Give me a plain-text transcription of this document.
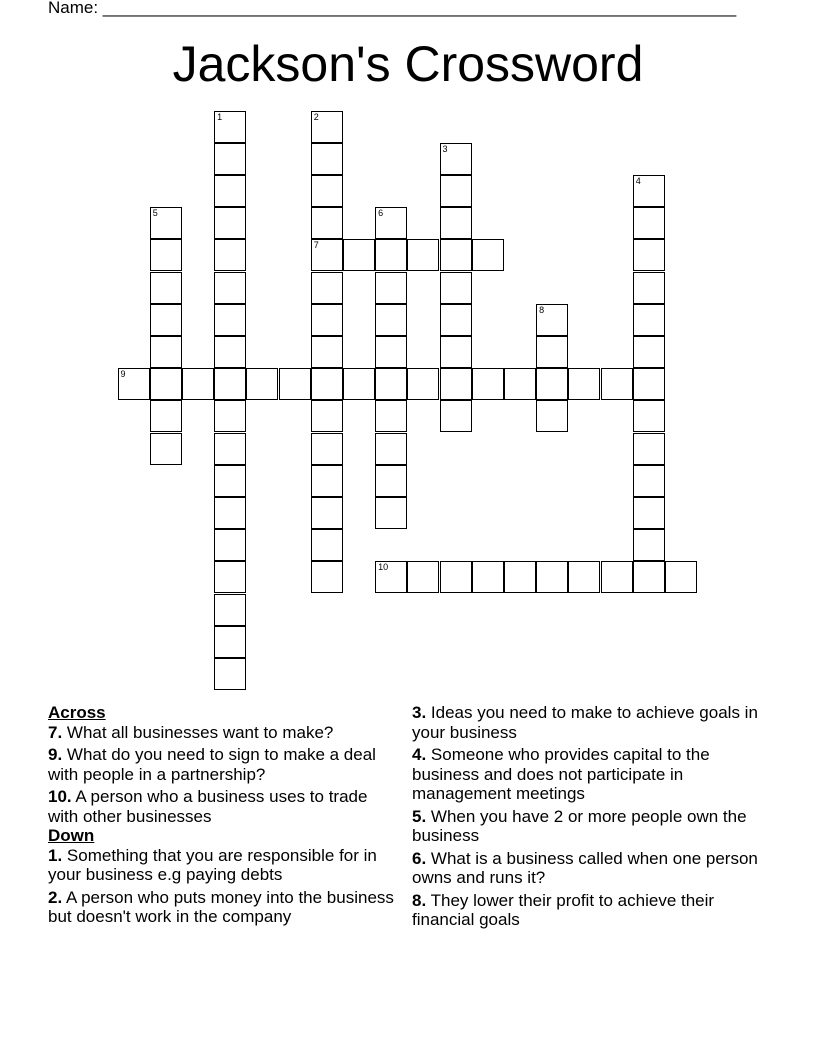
Name: ___________________________________________________________________
Jackson's Crossword
1	2
7
3
4
5	6
8
9
10
Across
7. What all businesses want to make?
9. What do you need to sign to make a deal with people in a partnership?
10. A person who a business uses to trade with other businesses
Down
1. Something that you are responsible for in your business e.g paying debts
2. A person who puts money into the business but doesn't work in the company
3. Ideas you need to make to achieve goals in your business
4. Someone who provides capital to the business and does not participate in management meetings
5. When you have 2 or more people own the business
6. What is a business called when one person owns and runs it?
8. They lower their profit to achieve their financial goals
